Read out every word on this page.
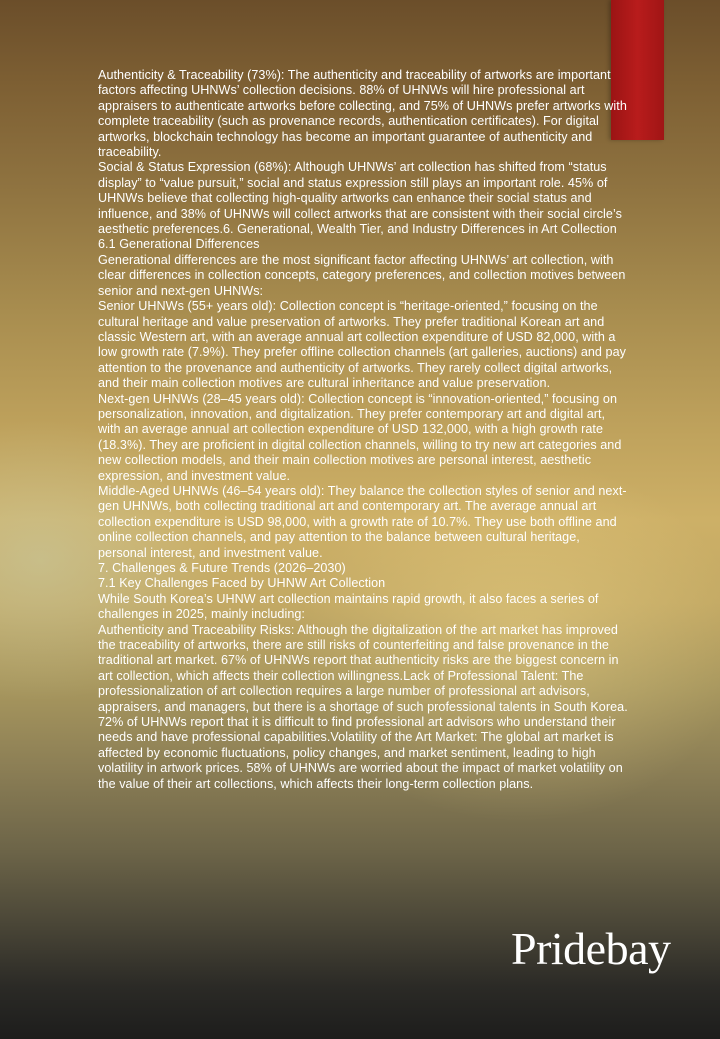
Authenticity & Traceability (73%): The authenticity and traceability of artworks are important factors affecting UHNWs’ collection decisions. 88% of UHNWs will hire professional art appraisers to authenticate artworks before collecting, and 75% of UHNWs prefer artworks with complete traceability (such as provenance records, authentication certificates). For digital artworks, blockchain technology has become an important guarantee of authenticity and traceability.

Social & Status Expression (68%): Although UHNWs’ art collection has shifted from “status display” to “value pursuit,” social and status expression still plays an important role. 45% of UHNWs believe that collecting high-quality artworks can enhance their social status and influence, and 38% of UHNWs will collect artworks that are consistent with their social circle’s aesthetic preferences.6. Generational, Wealth Tier, and Industry Differences in Art Collection

6.1 Generational Differences

Generational differences are the most significant factor affecting UHNWs’ art collection, with clear differences in collection concepts, category preferences, and collection motives between senior and next-gen UHNWs:

Senior UHNWs (55+ years old): Collection concept is “heritage-oriented,” focusing on the cultural heritage and value preservation of artworks. They prefer traditional Korean art and classic Western art, with an average annual art collection expenditure of USD 82,000, with a low growth rate (7.9%). They prefer offline collection channels (art galleries, auctions) and pay attention to the provenance and authenticity of artworks. They rarely collect digital artworks, and their main collection motives are cultural inheritance and value preservation.

Next-gen UHNWs (28–45 years old): Collection concept is “innovation-oriented,” focusing on personalization, innovation, and digitalization. They prefer contemporary art and digital art, with an average annual art collection expenditure of USD 132,000, with a high growth rate (18.3%). They are proficient in digital collection channels, willing to try new art categories and new collection models, and their main collection motives are personal interest, aesthetic expression, and investment value.

Middle-Aged UHNWs (46–54 years old): They balance the collection styles of senior and next-gen UHNWs, both collecting traditional art and contemporary art. The average annual art collection expenditure is USD 98,000, with a growth rate of 10.7%. They use both offline and online collection channels, and pay attention to the balance between cultural heritage, personal interest, and investment value.

7. Challenges & Future Trends (2026–2030)

7.1 Key Challenges Faced by UHNW Art Collection

While South Korea’s UHNW art collection maintains rapid growth, it also faces a series of challenges in 2025, mainly including:

Authenticity and Traceability Risks: Although the digitalization of the art market has improved the traceability of artworks, there are still risks of counterfeiting and false provenance in the traditional art market. 67% of UHNWs report that authenticity risks are the biggest concern in art collection, which affects their collection willingness.Lack of Professional Talent: The professionalization of art collection requires a large number of professional art advisors, appraisers, and managers, but there is a shortage of such professional talents in South Korea. 72% of UHNWs report that it is difficult to find professional art advisors who understand their needs and have professional capabilities.Volatility of the Art Market: The global art market is affected by economic fluctuations, policy changes, and market sentiment, leading to high volatility in artwork prices. 58% of UHNWs are worried about the impact of market volatility on the value of their art collections, which affects their long-term collection plans.

Pridebay
